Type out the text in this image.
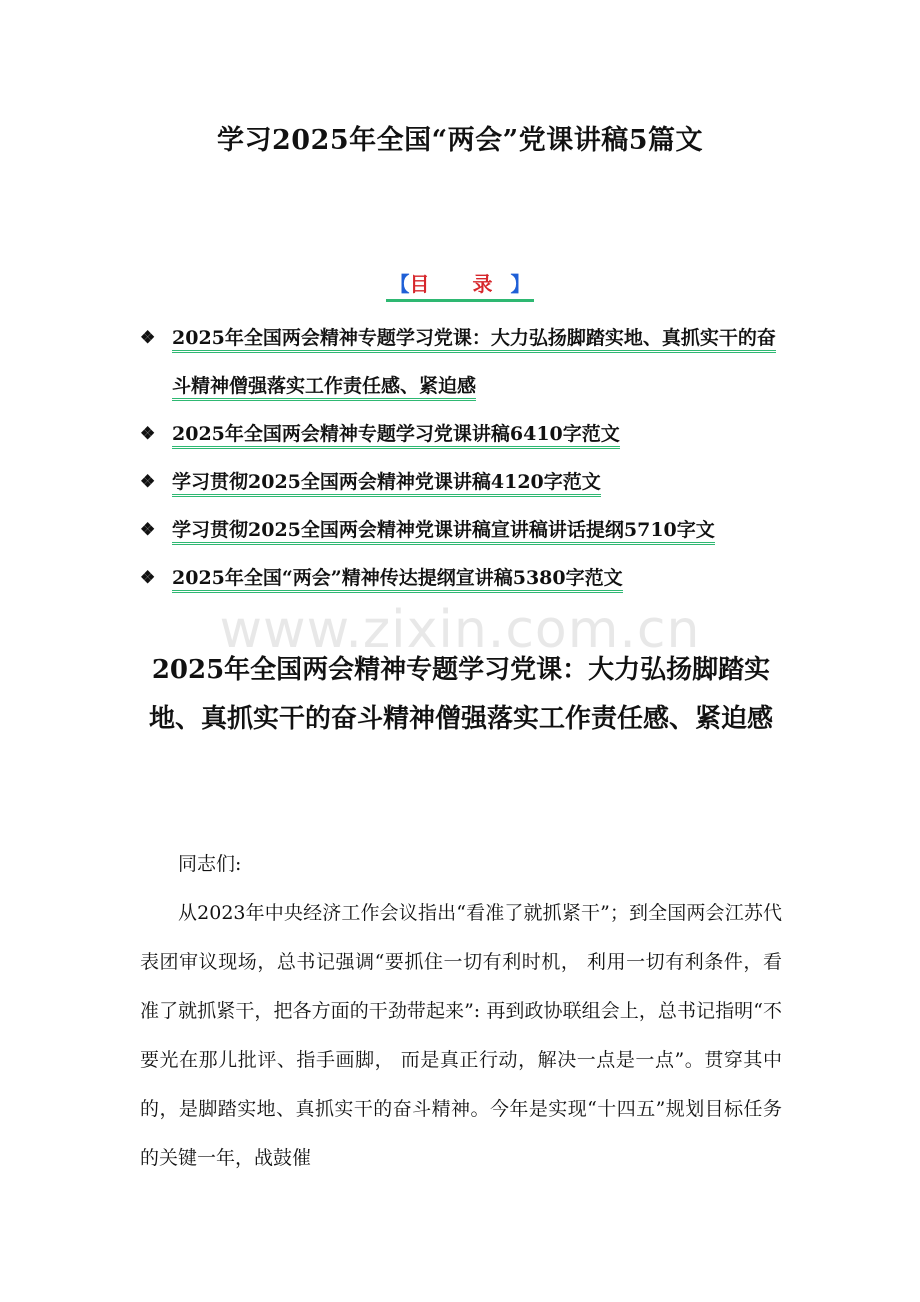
学习2025年全国“两会”党课讲稿5篇文
【目 录】
❖ 2025年全国两会精神专题学习党课：大力弘扬脚踏实地、真抓实干的奋斗精神僧强落实工作责任感、紧迫感
❖ 2025年全国两会精神专题学习党课讲稿6410字范文
❖ 学习贯彻2025全国两会精神党课讲稿4120字范文
❖ 学习贯彻2025全国两会精神党课讲稿宣讲稿讲话提纲5710字文
❖ 2025年全国“两会”精神传达提纲宣讲稿5380字范文
www.zixin.com.cn
2025年全国两会精神专题学习党课：大力弘扬脚踏实地、真抓实干的奋斗精神僧强落实工作责任感、紧迫感

同志们:

从2023年中央经济工作会议指出“看准了就抓紧干”；到全国两会江苏代表团审议现场，总书记强调“要抓住一切有利时机， 利用一切有利条件，看准了就抓紧干，把各方面的干劲带起来”: 再到政协联组会上，总书记指明“不要光在那儿批评、指手画脚， 而是真正行动，解决一点是一点”。贯穿其中的，是脚踏实地、真抓实干的奋斗精神。今年是实现“十四五”规划目标任务的关键一年，战鼓催
